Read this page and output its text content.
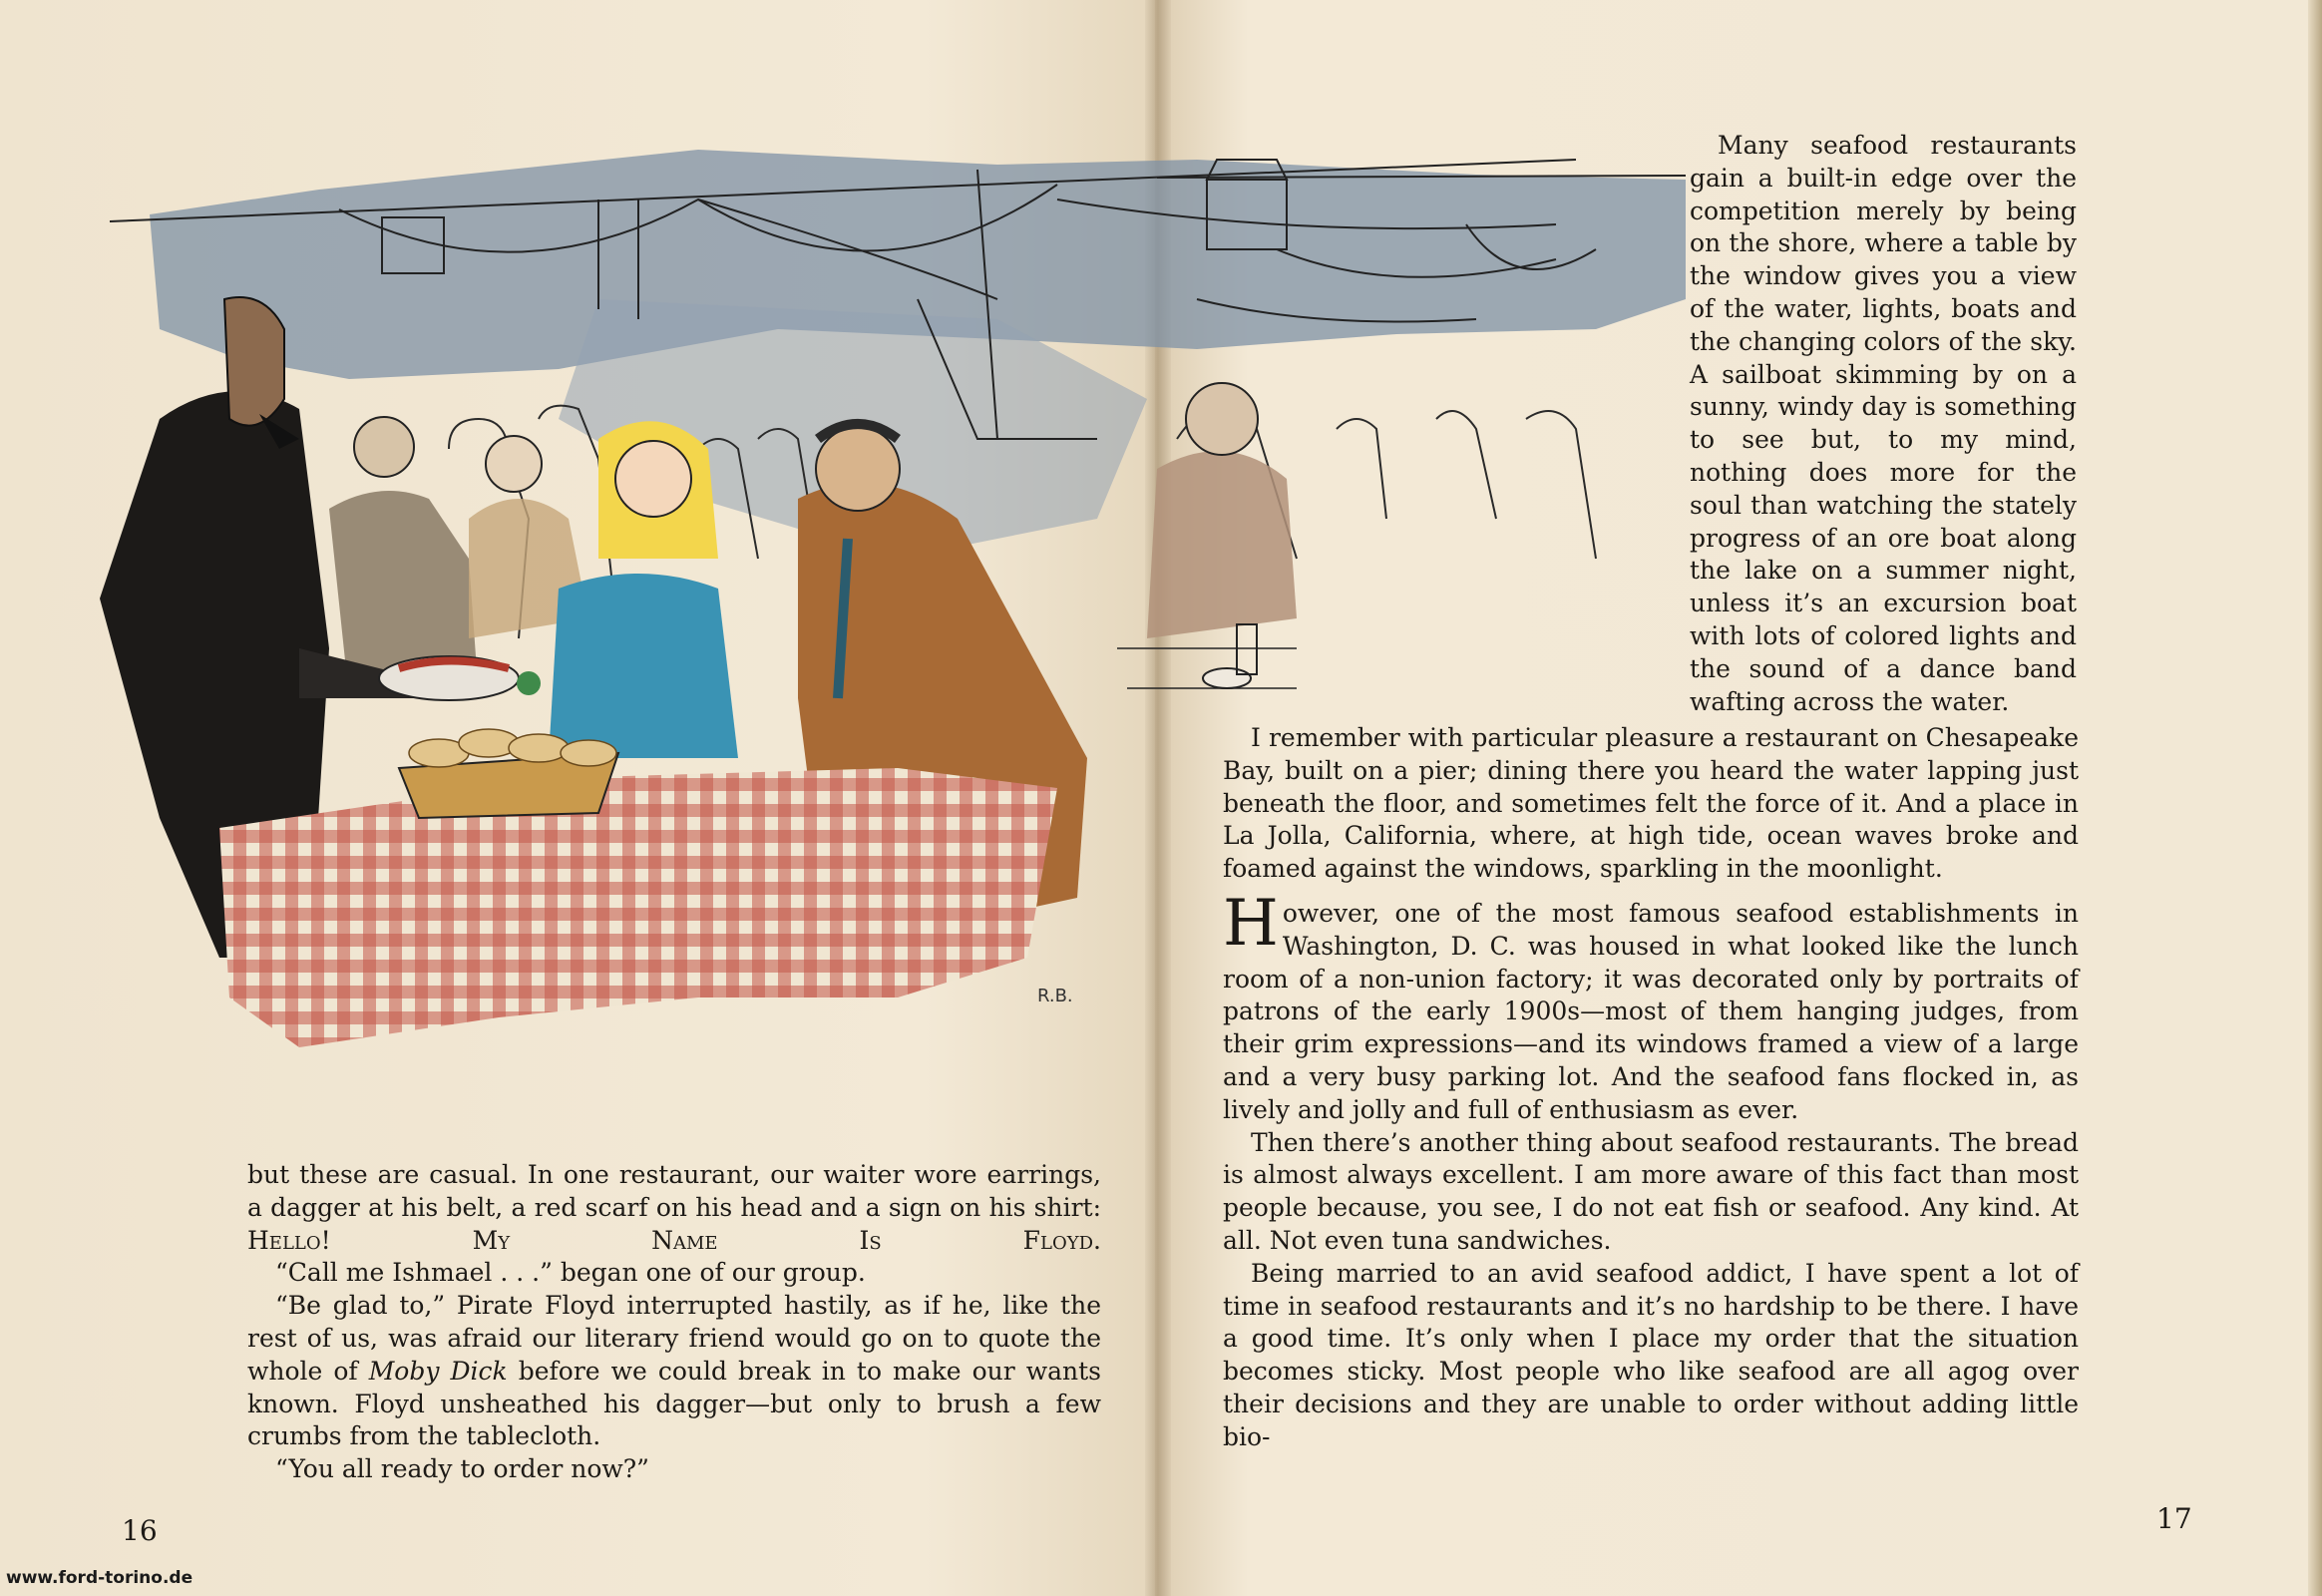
but these are casual. In one restaurant, our waiter wore earrings, a dagger at his belt, a red scarf on his head and a sign on his shirt: Hello! My Name Is Floyd.

“Call me Ishmael . . .” began one of our group.

“Be glad to,” Pirate Floyd interrupted hastily, as if he, like the rest of us, was afraid our literary friend would go on to quote the whole of Moby Dick before we could break in to make our wants known. Floyd unsheathed his dagger—but only to brush a few crumbs from the tablecloth.

“You all ready to order now?”

R.B.

Many seafood restaurants gain a built-in edge over the competition merely by being on the shore, where a table by the window gives you a view of the water, lights, boats and the changing colors of the sky. A sailboat skimming by on a sunny, windy day is something to see but, to my mind, nothing does more for the soul than watching the stately progress of an ore boat along the lake on a summer night, unless it’s an excursion boat with lots of colored lights and the sound of a dance band wafting across the water.

I remember with particular pleasure a restaurant on Chesapeake Bay, built on a pier; dining there you heard the water lapping just beneath the floor, and sometimes felt the force of it. And a place in La Jolla, California, where, at high tide, ocean waves broke and foamed against the windows, sparkling in the moonlight.

However, one of the most famous seafood establishments in Washington, D. C. was housed in what looked like the lunch room of a non-union factory; it was decorated only by portraits of patrons of the early 1900s—most of them hanging judges, from their grim expressions—and its windows framed a view of a large and a very busy parking lot. And the seafood fans flocked in, as lively and jolly and full of enthusiasm as ever.

Then there’s another thing about seafood restaurants. The bread is almost always excellent. I am more aware of this fact than most people because, you see, I do not eat fish or seafood. Any kind. At all. Not even tuna sandwiches.

Being married to an avid seafood addict, I have spent a lot of time in seafood restaurants and it’s no hardship to be there. I have a good time. It’s only when I place my order that the situation becomes sticky. Most people who like seafood are all agog over their decisions and they are unable to order without adding little bio-

16	17
www.ford-torino.de
